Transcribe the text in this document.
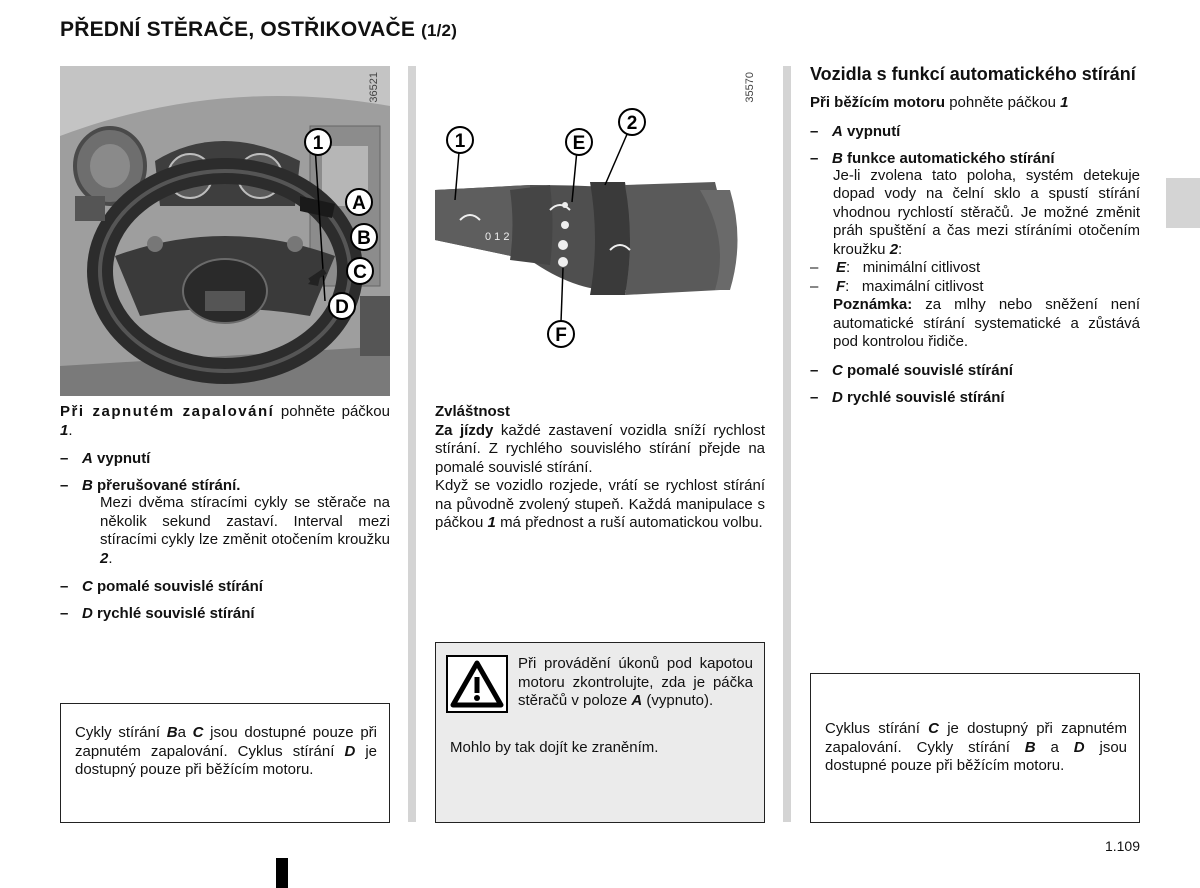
PŘEDNÍ STĚRAČE, OSTŘIKOVAČE (1/2)
1
A
B
C
D
36521
0 1 2
1
2
E
F
35570

Při zapnutém zapalování pohněte páčkou 1.

– A vypnutí
– B přerušované stírání.

Mezi dvěma stíracími cykly se stěrače na několik sekund zastaví. Interval mezi stíracími cykly lze změnit otočením kroužku 2.

– C pomalé souvislé stírání
– D rychlé souvislé stírání

Cykly stírání Ba C jsou dostupné pouze při zapnutém zapalování. Cyklus stírání D je dostupný pouze při běžícím motoru.

Zvláštnost

Za jízdy každé zastavení vozidla sníží rychlost stírání. Z rychlého souvislého stírání přejde na pomalé souvislé stírání.

Když se vozidlo rozjede, vrátí se rychlost stírání na původně zvolený stupeň. Každá manipulace s páčkou 1 má přednost a ruší automatickou volbu.

Při provádění úkonů pod kapotou motoru zkontrolujte, zda je páčka stěračů v poloze A (vypnuto).

Mohlo by tak dojít ke zraněním.

Vozidla s funkcí automatického stírání

Při běžícím motoru pohněte páčkou 1

– A vypnutí
– B funkce automatického stírání

Je-li zvolena tato poloha, systém detekuje dopad vody na čelní sklo a spustí stírání vhodnou rychlostí stěračů. Je možné změnit práh spuštění a čas mezi stíráními otočením kroužku 2:

– E:   minimální citlivost

– F:   maximální citlivost

Poznámka: za mlhy nebo sněžení není automatické stírání systematické a zůstává pod kontrolou řidiče.

– C pomalé souvislé stírání
– D rychlé souvislé stírání

Cyklus stírání C je dostupný při zapnutém zapalování. Cykly stírání B a D jsou dostupné pouze při běžícím motoru.

1.109
